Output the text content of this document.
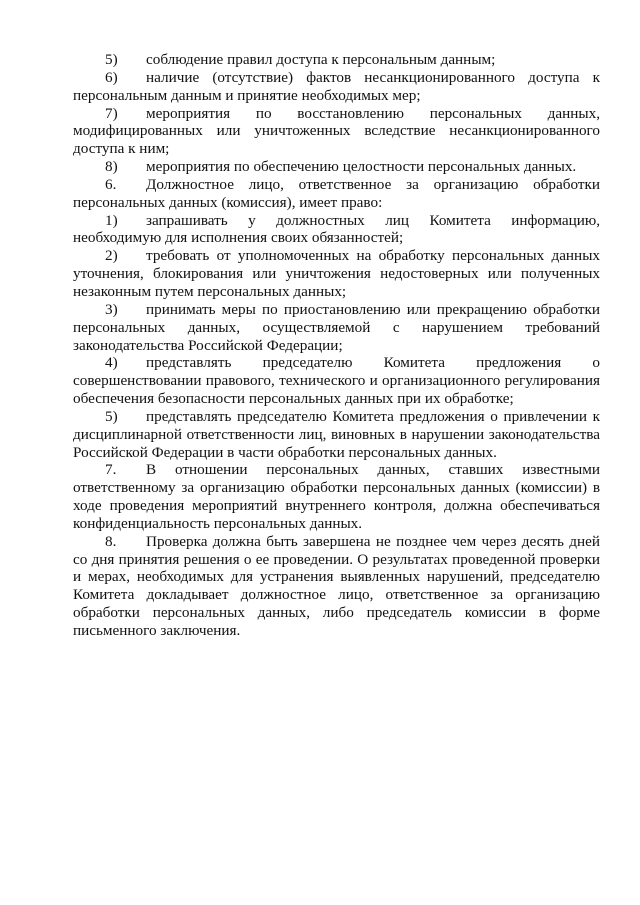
5) соблюдение правил доступа к персональным данным;

6) наличие (отсутствие) фактов несанкционированного доступа к персональным данным и принятие необходимых мер;

7) мероприятия по восстановлению персональных данных, модифицированных или уничтоженных вследствие несанкционированного доступа к ним;

8) мероприятия по обеспечению целостности персональных данных.

6. Должностное лицо, ответственное за организацию обработки персональных данных (комиссия), имеет право:

1) запрашивать у должностных лиц Комитета информацию, необходимую для исполнения своих обязанностей;

2) требовать от уполномоченных на обработку персональных данных уточнения, блокирования или уничтожения недостоверных или полученных незаконным путем персональных данных;

3) принимать меры по приостановлению или прекращению обработки персональных данных, осуществляемой с нарушением требований законодательства Российской Федерации;

4) представлять председателю Комитета предложения о совершенствовании правового, технического и организационного регулирования обеспечения безопасности персональных данных при их обработке;

5) представлять председателю Комитета предложения о привлечении к дисциплинарной ответственности лиц, виновных в нарушении законодательства Российской Федерации в части обработки персональных данных.

7. В отношении персональных данных, ставших известными ответственному за организацию обработки персональных данных (комиссии) в ходе проведения мероприятий внутреннего контроля, должна обеспечиваться конфиденциальность персональных данных.

8. Проверка должна быть завершена не позднее чем через десять дней со дня принятия решения о ее проведении. О результатах проведенной проверки и мерах, необходимых для устранения выявленных нарушений, председателю Комитета докладывает должностное лицо, ответственное за организацию обработки персональных данных, либо председатель комиссии в форме письменного заключения.
